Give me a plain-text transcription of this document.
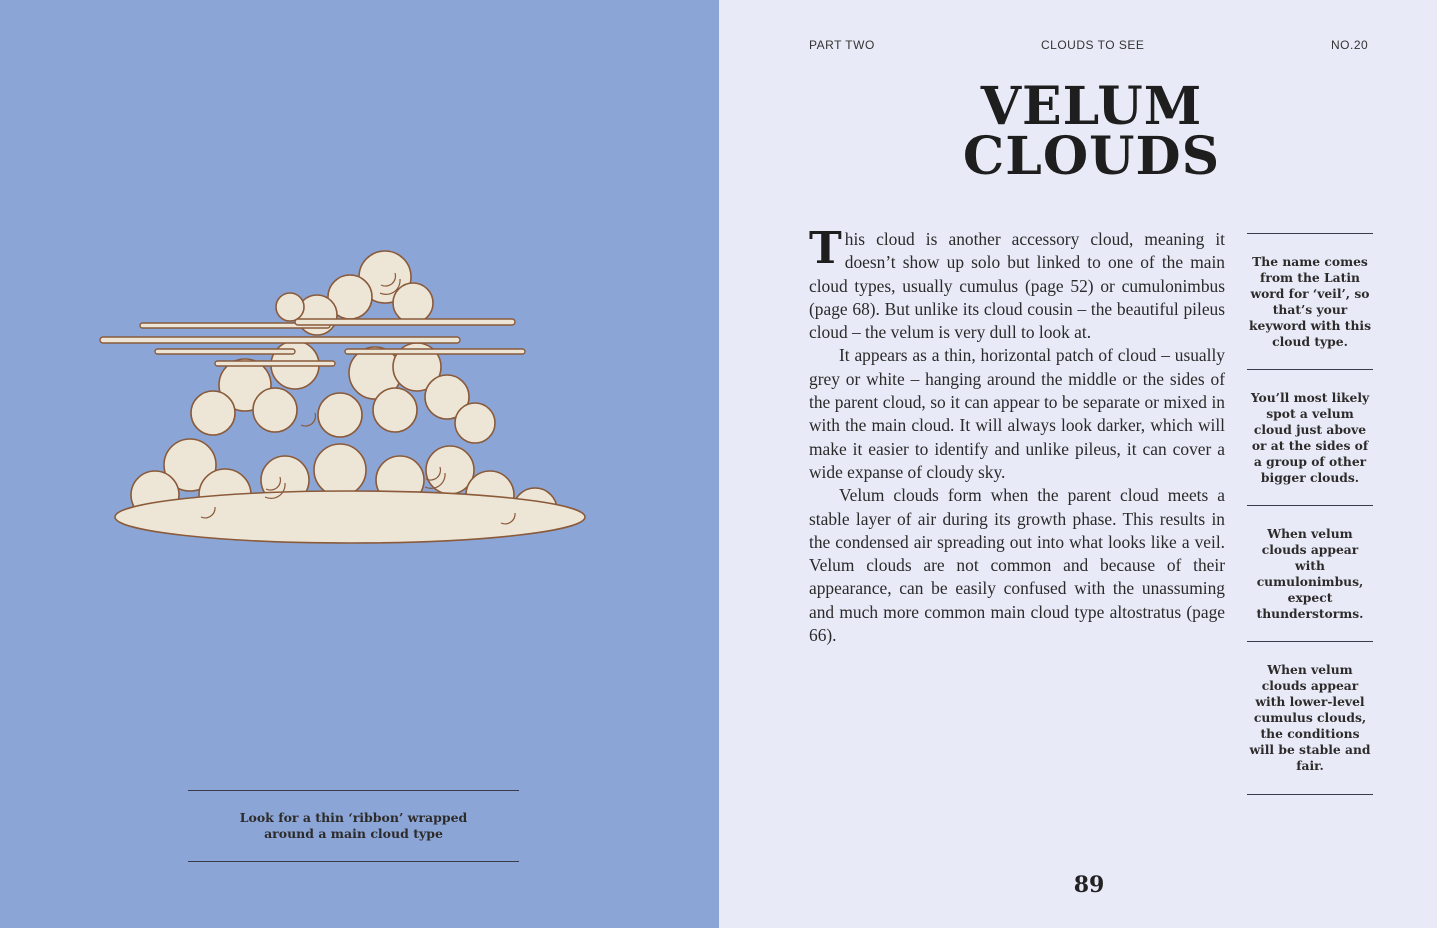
Look for a thin ‘ribbon’ wrapped around a main cloud type
PART TWO	CLOUDS TO SEE	NO.20
VELUM
CLOUDS

This cloud is another accessory cloud, meaning it doesn’t show up solo but linked to one of the main cloud types, usually cumulus (page 52) or cumulonimbus (page 68). But unlike its cloud cousin – the beautiful pileus cloud – the velum is very dull to look at.

It appears as a thin, horizontal patch of cloud – usually grey or white – hanging around the middle or the sides of the parent cloud, so it can appear to be separate or mixed in with the main cloud. It will always look darker, which will make it easier to identify and unlike pileus, it can cover a wide expanse of cloudy sky.

Velum clouds form when the parent cloud meets a stable layer of air during its growth phase. This results in the condensed air spreading out into what looks like a veil. Velum clouds are not common and because of their appearance, can be easily confused with the unassuming and much more common main cloud type altostratus (page 66).

The name comes from the Latin word for ‘veil’, so that’s your keyword with this cloud type.
You’ll most likely spot a velum cloud just above or at the sides of a group of other bigger clouds.
When velum clouds appear with cumulonimbus, expect thunderstorms.
When velum clouds appear with lower-level cumulus clouds, the conditions will be stable and fair.
89
